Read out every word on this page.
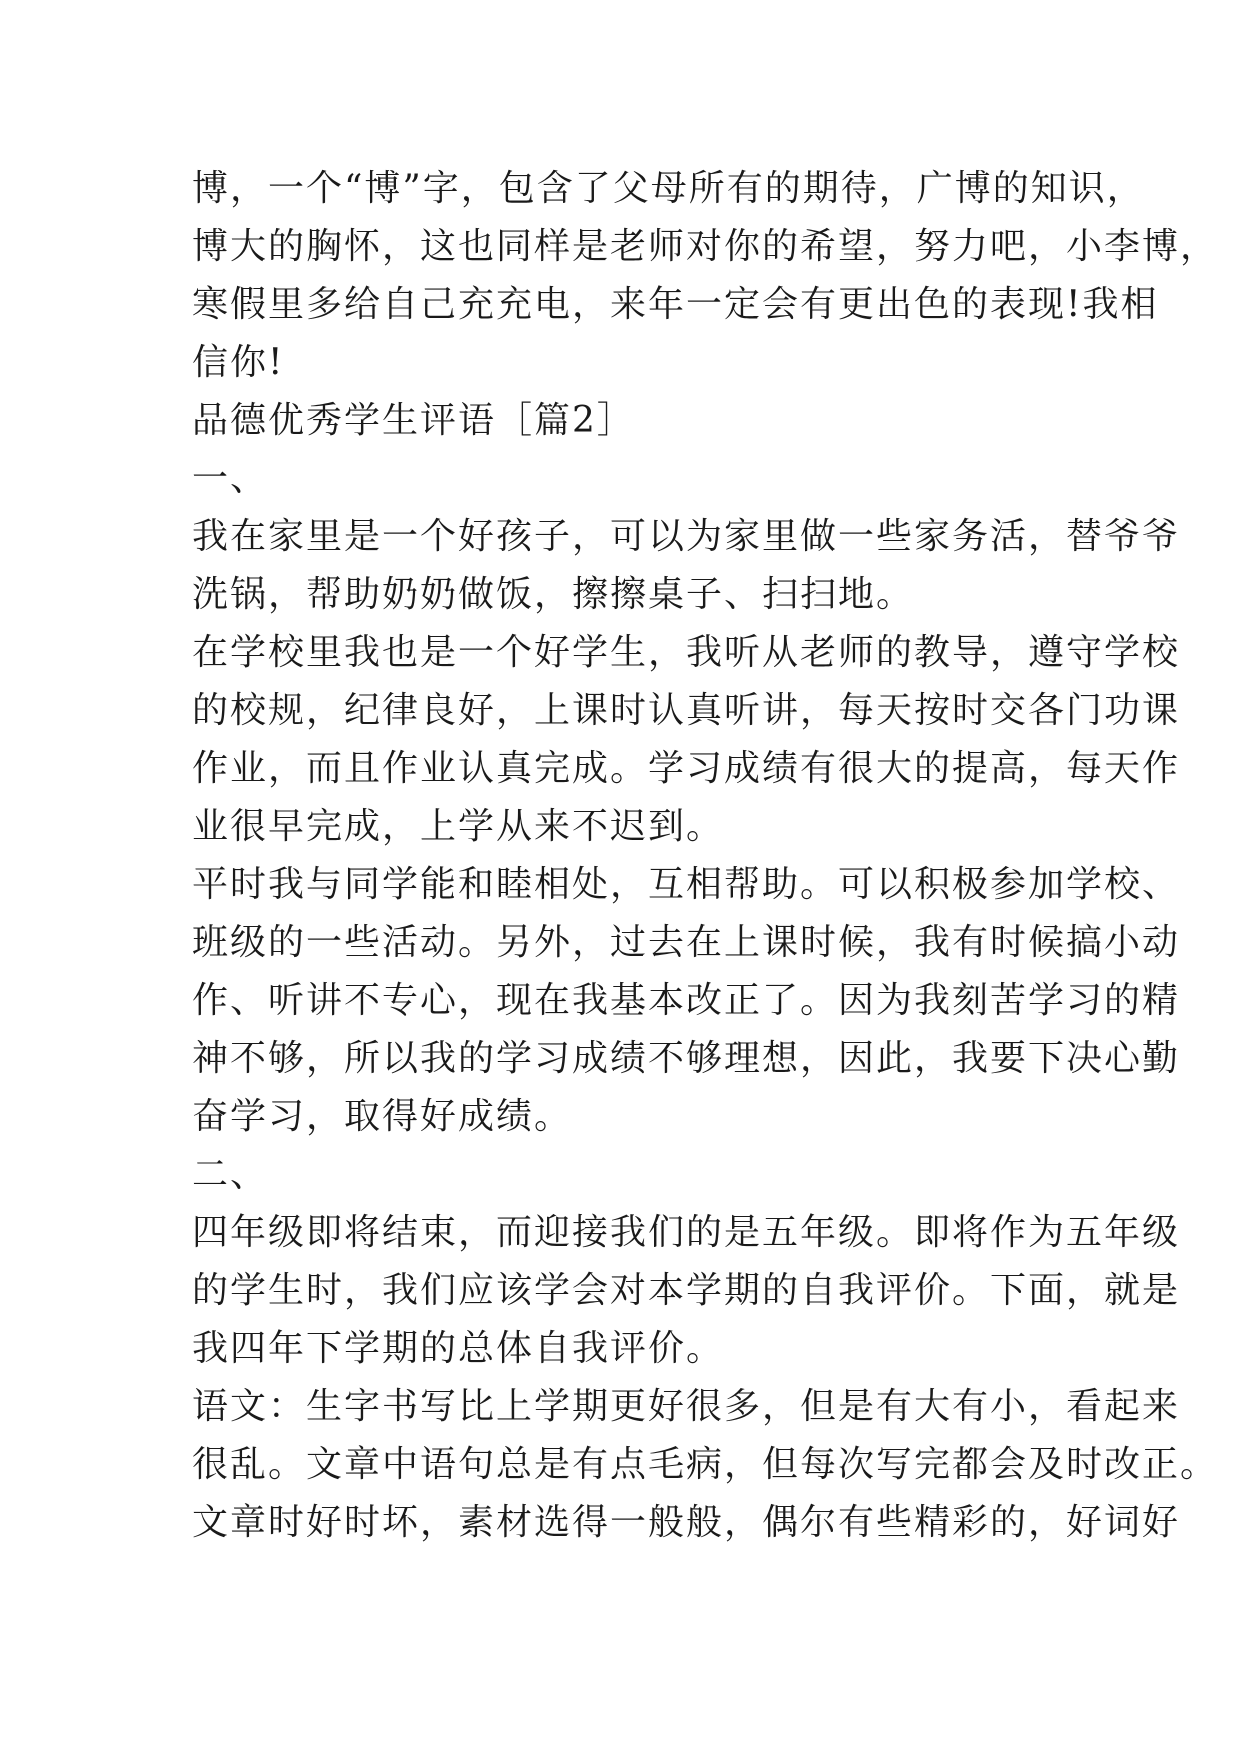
博，一个“博”字，包含了父母所有的期待，广博的知识，
博大的胸怀，这也同样是老师对你的希望，努力吧，小李博，
寒假里多给自己充充电，来年一定会有更出色的表现!我相
信你!
品德优秀学生评语［篇2］
一、
我在家里是一个好孩子，可以为家里做一些家务活，替爷爷
洗锅，帮助奶奶做饭，擦擦桌子、扫扫地。
在学校里我也是一个好学生，我听从老师的教导，遵守学校
的校规，纪律良好，上课时认真听讲，每天按时交各门功课
作业，而且作业认真完成。学习成绩有很大的提高，每天作
业很早完成，上学从来不迟到。
平时我与同学能和睦相处，互相帮助。可以积极参加学校、
班级的一些活动。另外，过去在上课时候，我有时候搞小动
作、听讲不专心，现在我基本改正了。因为我刻苦学习的精
神不够，所以我的学习成绩不够理想，因此，我要下决心勤
奋学习，取得好成绩。
二、
四年级即将结束，而迎接我们的是五年级。即将作为五年级
的学生时，我们应该学会对本学期的自我评价。下面，就是
我四年下学期的总体自我评价。
语文：生字书写比上学期更好很多，但是有大有小，看起来
很乱。文章中语句总是有点毛病，但每次写完都会及时改正。
文章时好时坏，素材选得一般般，偶尔有些精彩的，好词好
